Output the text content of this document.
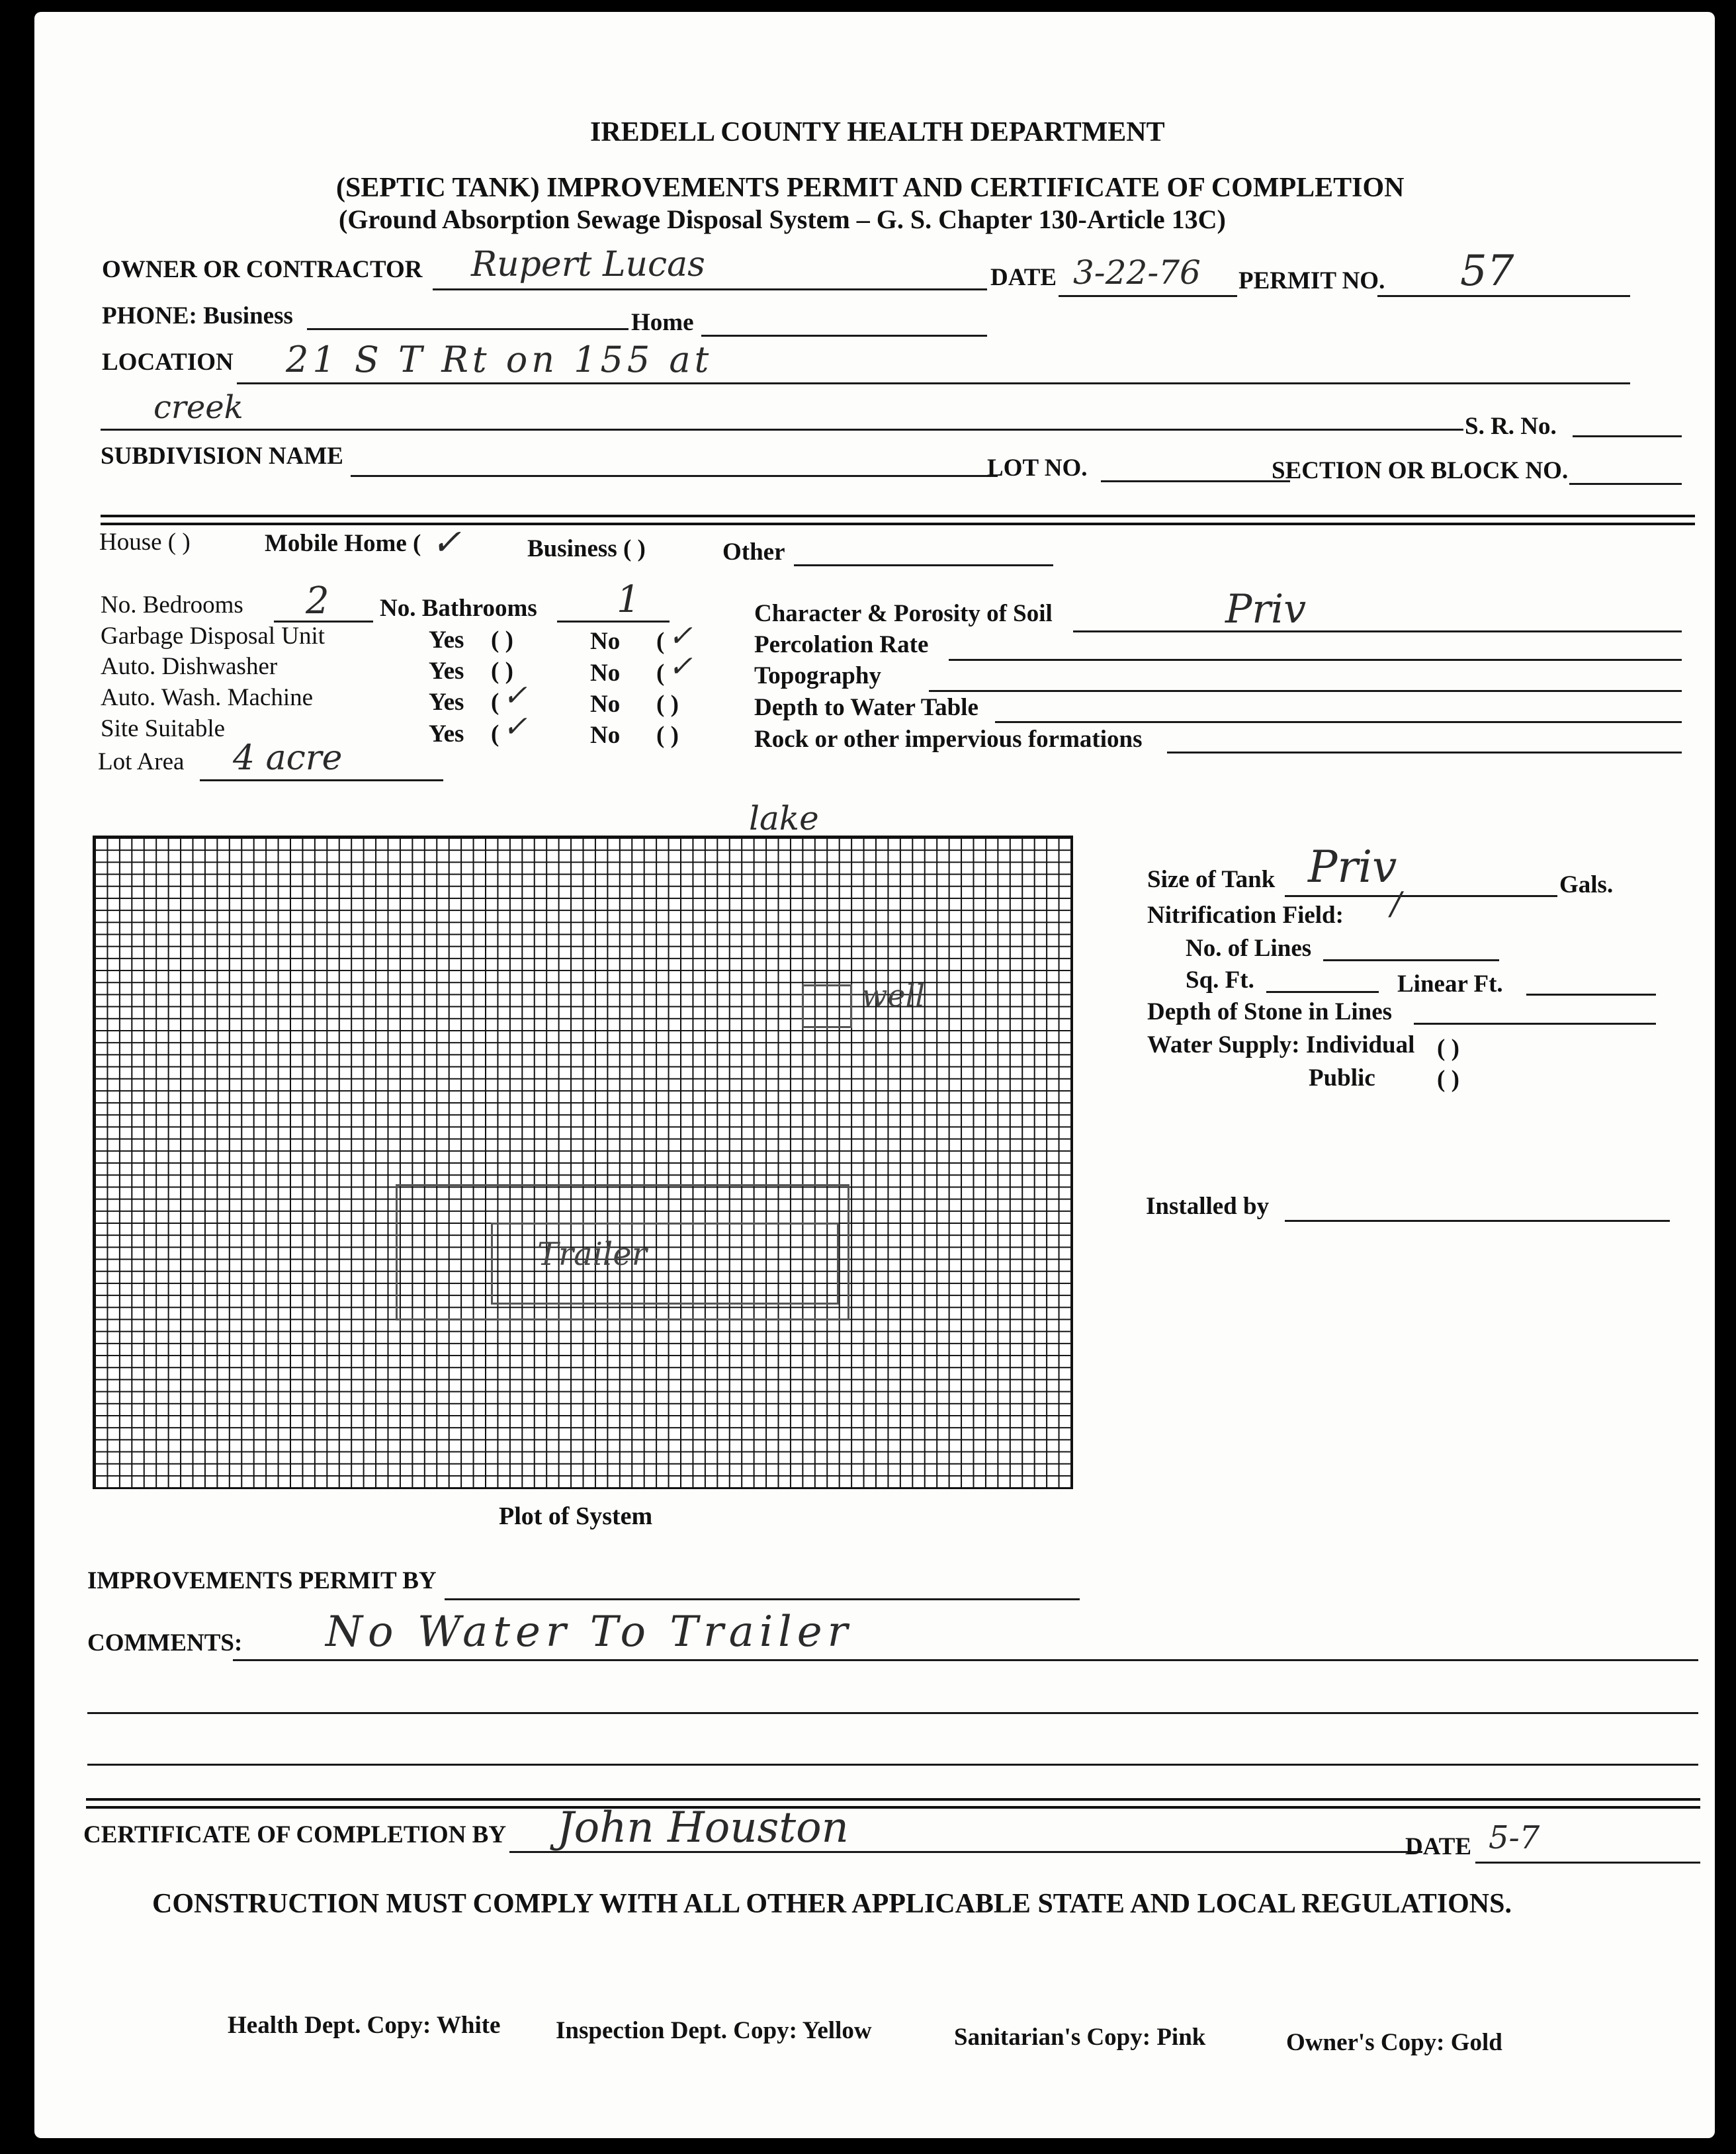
IREDELL COUNTY HEALTH DEPARTMENT
(SEPTIC TANK) IMPROVEMENTS PERMIT AND CERTIFICATE OF COMPLETION
(Ground Absorption Sewage Disposal System – G. S. Chapter 130-Article 13C)
OWNER OR CONTRACTOR Rupert Lucas	DATE 3-22-76 PERMIT NO. 57
PHONE: Business	Home
LOCATION 21 S T Rt on 155 at
creek
S. R. No.
SUBDIVISION NAME	LOT NO.	SECTION OR BLOCK NO.
House ( )	Mobile Home ( ✓	Business ( )	Other
No. Bedrooms 2 No. Bathrooms 1
Garbage Disposal Unit	Yes ( )	No ( ✓
Auto. Dishwasher	Yes ( )	No ( ✓
Auto. Wash. Machine	Yes ( ✓	No ( )
Site Suitable	Yes ( ✓	No ( )
Lot Area 4 acre
Character & Porosity of Soil	Priv
Percolation Rate
Topography
Depth to Water Table
Rock or other impervious formations
lake
well
Trailer
Plot of System
Size of Tank Priv	Gals.
Nitrification Field: /
No. of Lines
Sq. Ft.	Linear Ft.
Depth of Stone in Lines
Water Supply: Individual ( )
Public	( )
Installed by
IMPROVEMENTS PERMIT BY
COMMENTS: No Water To Trailer
CERTIFICATE OF COMPLETION BY John Houston	DATE 5-7
CONSTRUCTION MUST COMPLY WITH ALL OTHER APPLICABLE STATE AND LOCAL REGULATIONS.
Health Dept. Copy: White Inspection Dept. Copy: Yellow	Sanitarian's Copy: Pink	Owner's Copy: Gold
